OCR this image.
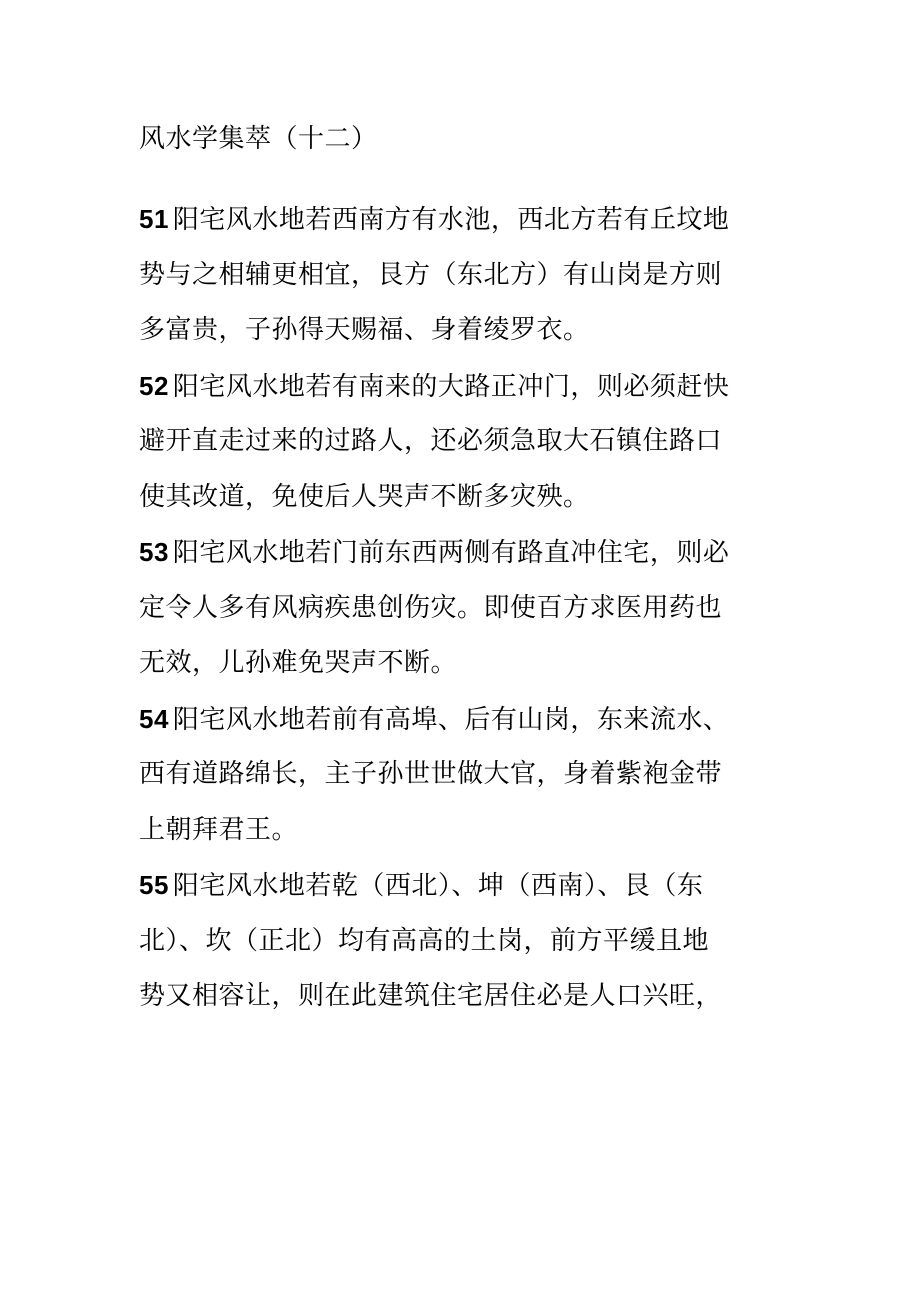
风水学集萃（十二）
51 阳宅风水地若西南方有水池，西北方若有丘坟地
势与之相辅更相宜，艮方（东北方）有山岗是方则
多富贵，子孙得天赐福、身着绫罗衣。
52 阳宅风水地若有南来的大路正冲门，则必须赶快
避开直走过来的过路人，还必须急取大石镇住路口
使其改道，免使后人哭声不断多灾殃。
53 阳宅风水地若门前东西两侧有路直冲住宅，则必
定令人多有风病疾患创伤灾。即使百方求医用药也
无效，儿孙难免哭声不断。
54 阳宅风水地若前有高埠、后有山岗，东来流水、
西有道路绵长，主子孙世世做大官，身着紫袍金带
上朝拜君王。
55 阳宅风水地若乾（西北）、坤（西南）、艮（东
北）、坎（正北）均有高高的土岗，前方平缓且地
势又相容让，则在此建筑住宅居住必是人口兴旺，
